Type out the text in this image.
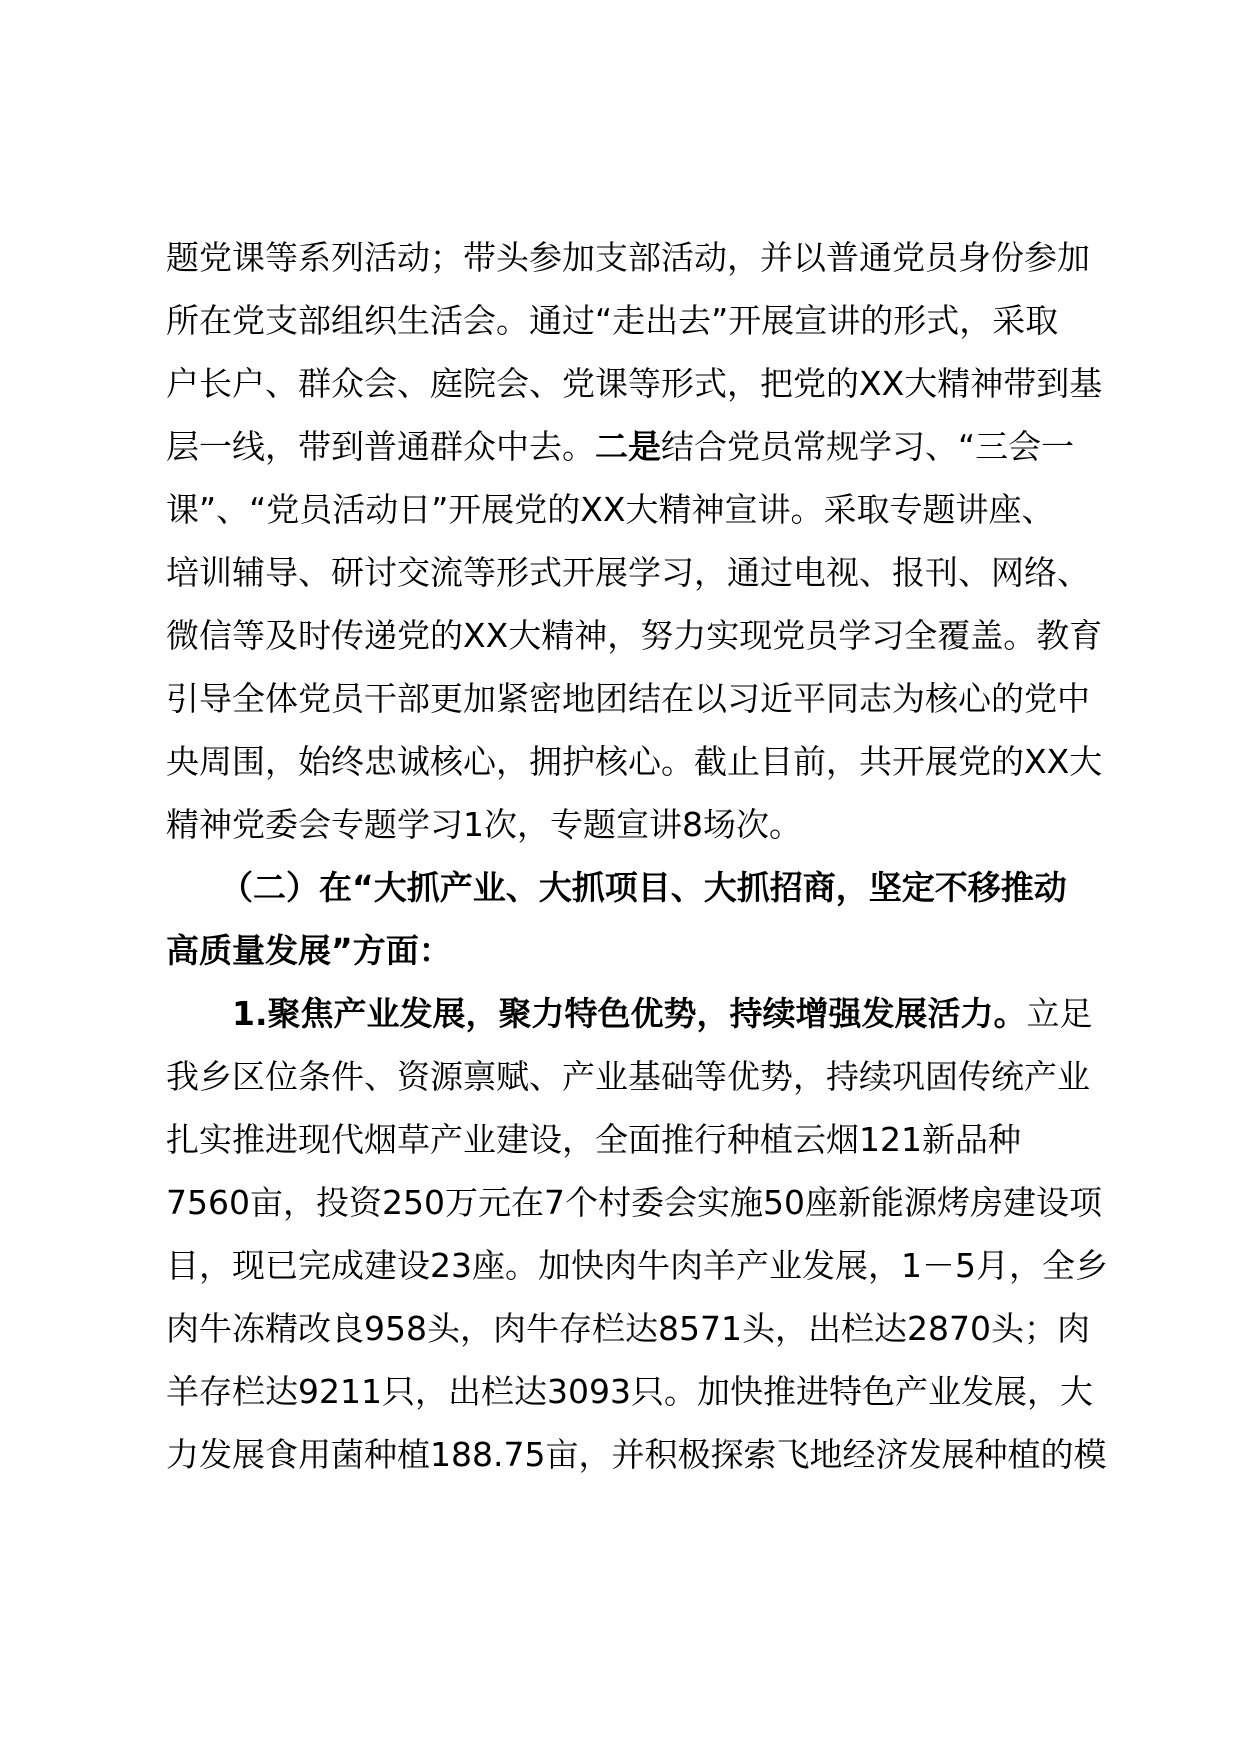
题党课等系列活动；带头参加支部活动，并以普通党员身份参加
所在党支部组织生活会。通过“走出去”开展宣讲的形式，采取
户长户、群众会、庭院会、党课等形式，把党的XX大精神带到基
层一线，带到普通群众中去。二是结合党员常规学习、“三会一
课”、“党员活动日”开展党的XX大精神宣讲。采取专题讲座、
培训辅导、研讨交流等形式开展学习，通过电视、报刊、网络、
微信等及时传递党的XX大精神，努力实现党员学习全覆盖。教育
引导全体党员干部更加紧密地团结在以习近平同志为核心的党中
央周围，始终忠诚核心，拥护核心。截止目前，共开展党的XX大
精神党委会专题学习1次，专题宣讲8场次。
（二）在“大抓产业、大抓项目、大抓招商，坚定不移推动
高质量发展”方面：
1.聚焦产业发展，聚力特色优势，持续增强发展活力。立足
我乡区位条件、资源禀赋、产业基础等优势，持续巩固传统产业
扎实推进现代烟草产业建设，全面推行种植云烟121新品种
7560亩，投资250万元在7个村委会实施50座新能源烤房建设项
目，现已完成建设23座。加快肉牛肉羊产业发展，1－5月，全乡
肉牛冻精改良958头，肉牛存栏达8571头，出栏达2870头；肉
羊存栏达9211只，出栏达3093只。加快推进特色产业发展，大
力发展食用菌种植188.75亩，并积极探索飞地经济发展种植的模
